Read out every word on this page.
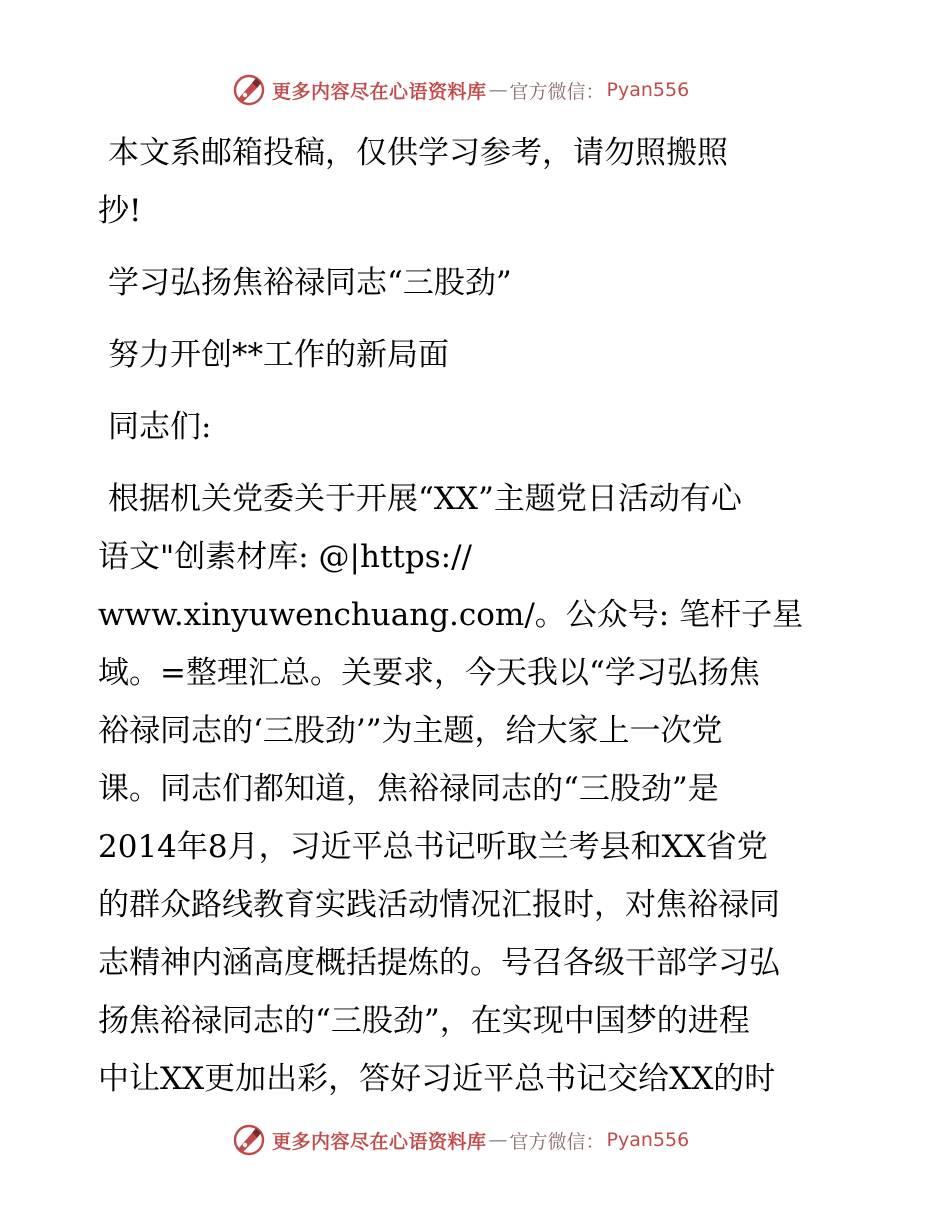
更多内容尽在心语资料库 — 官方微信： Pyan556

本文系邮箱投稿，仅供学习参考，请勿照搬照
抄!

学习弘扬焦裕禄同志“三股劲”

努力开创**工作的新局面

同志们:

根据机关党委关于开展“XX”主题党日活动有心
语文"创素材库: @|https://
www.xinyuwenchuang.com/。公众号: 笔杆子星
域。=整理汇总。关要求，今天我以“学习弘扬焦
裕禄同志的‘三股劲’”为主题，给大家上一次党
课。同志们都知道，焦裕禄同志的“三股劲”是
2014年8月，习近平总书记听取兰考县和XX省党
的群众路线教育实践活动情况汇报时，对焦裕禄同
志精神内涵高度概括提炼的。号召各级干部学习弘
扬焦裕禄同志的“三股劲”，在实现中国梦的进程
中让XX更加出彩，答好习近平总书记交给XX的时

更多内容尽在心语资料库 — 官方微信： Pyan556
